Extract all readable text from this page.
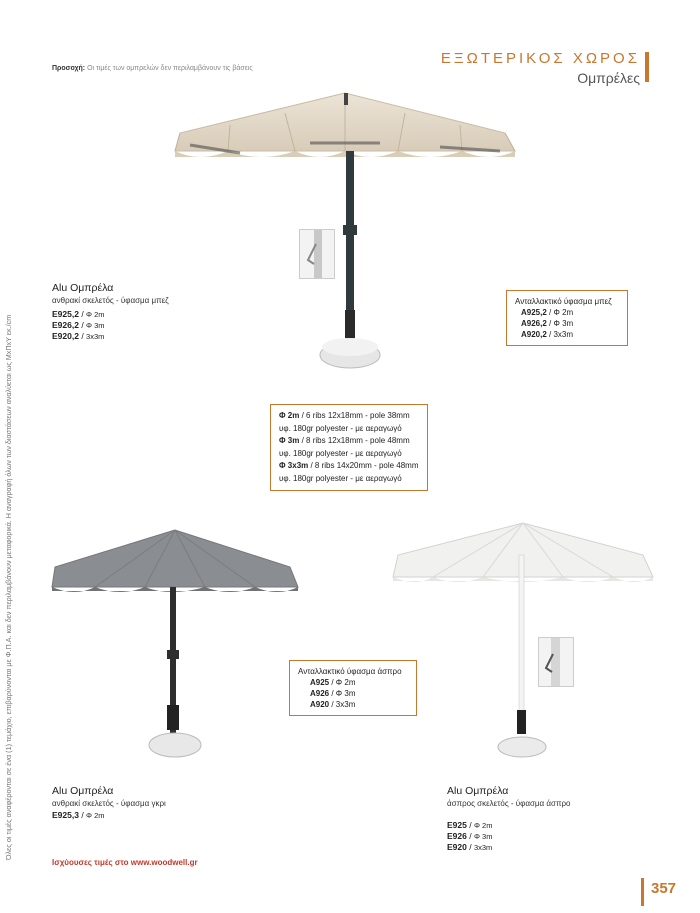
Προσοχή: Οι τιμές των ομπρελών δεν περιλαμβάνουν τις βάσεις
ΕΞΩΤΕΡΙΚΟΣ ΧΩΡΟΣ
Ομπρέλες
Όλες οι τιμές αναφέρονται σε ένα (1) τεμάχιο, επιβαρύνονται με Φ.Π.Α. και δεν περιλαμβάνουν μεταφορικά. Η αναγραφή όλων των διαστάσεων αναλύεται ως ΜxΠxΥ εκ./cm
Alu Ομπρέλα
ανθρακί σκελετός - ύφασμα μπεζ
E925,2 / Φ 2m
E926,2 / Φ 3m
E920,2 / 3x3m
Ανταλλακτικό ύφασμα μπεζ
A925,2 / Φ 2m
A926,2 / Φ 3m
A920,2 / 3x3m
Φ 2m / 6 ribs 12x18mm - pole 38mm
υφ. 180gr polyester - με αεραγωγό
Φ 3m / 8 ribs 12x18mm - pole 48mm
υφ. 180gr polyester - με αεραγωγό
Φ 3x3m / 8 ribs 14x20mm - pole 48mm
υφ. 180gr polyester - με αεραγωγό
Alu Ομπρέλα
ανθρακί σκελετός - ύφασμα γκρι
E925,3 / Φ 2m
Ανταλλακτικό ύφασμα άσπρο
A925 / Φ 2m
A926 / Φ 3m
A920 / 3x3m
Alu Ομπρέλα
άσπρος σκελετός - ύφασμα άσπρο
E925 / Φ 2m
E926 / Φ 3m
E920 / 3x3m
Ισχύουσες τιμές στο www.woodwell.gr
357
